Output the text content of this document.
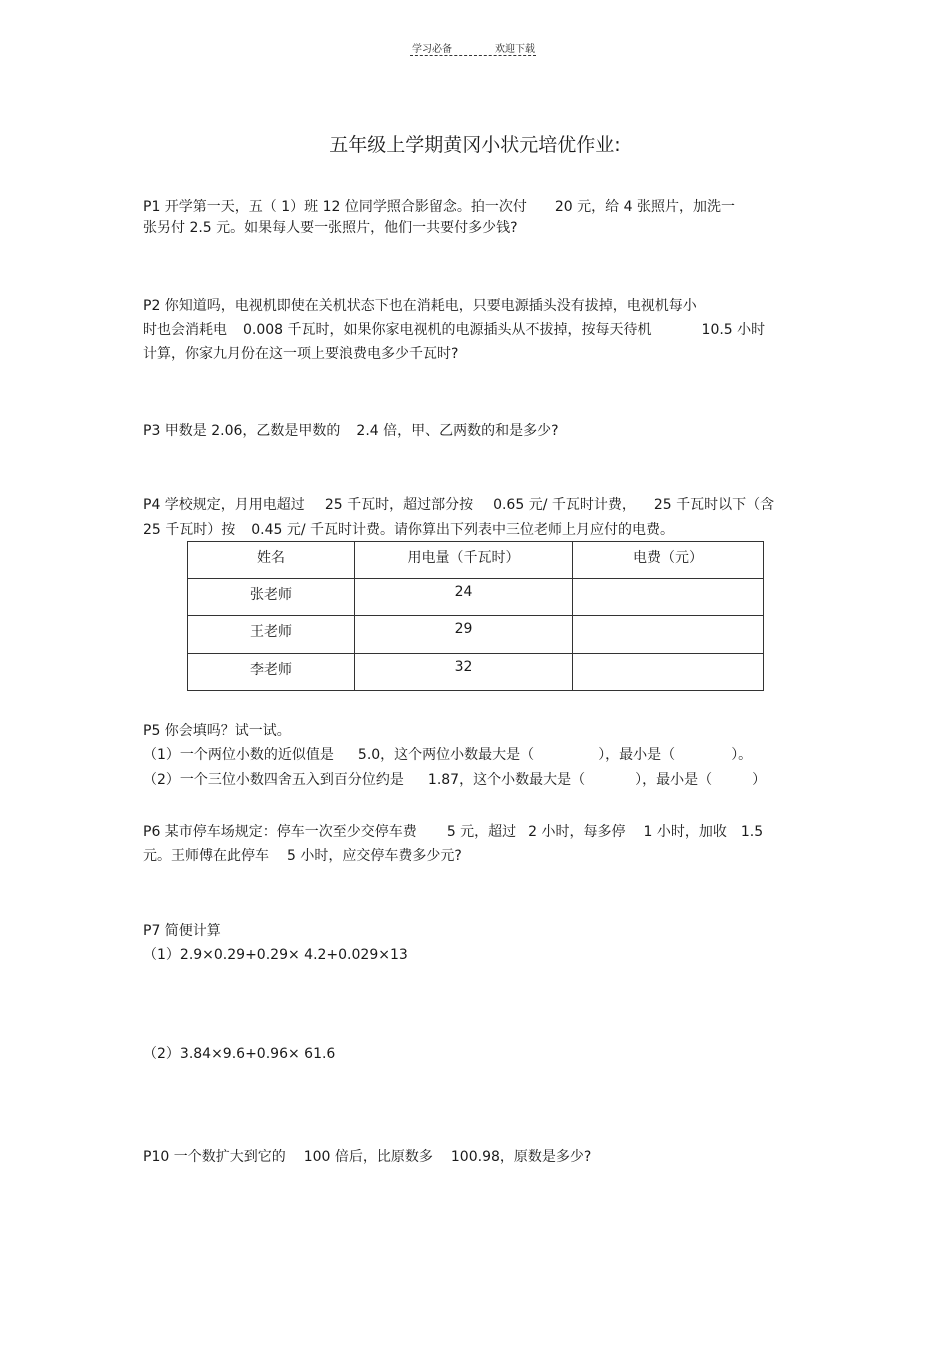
学习必备	欢迎下载
五年级上学期黄冈小状元培优作业:
P1 开学第一天，五（ 1）班 12 位同学照合影留念。拍一次付 20 元，给 4 张照片，加洗一
张另付 2.5 元。如果每人要一张照片，他们一共要付多少钱?
P2 你知道吗，电视机即使在关机状态下也在消耗电，只要电源插头没有拔掉，电视机每小
时也会消耗电 0.008 千瓦时，如果你家电视机的电源插头从不拔掉，按每天待机	10.5 小时
计算，你家九月份在这一项上要浪费电多少千瓦时?
P3 甲数是 2.06，乙数是甲数的 2.4 倍，甲、乙两数的和是多少?
P4 学校规定，月用电超过 25 千瓦时，超过部分按 0.65 元/ 千瓦时计费， 25 千瓦时以下（含
25 千瓦时）按 0.45 元/ 千瓦时计费。请你算出下列表中三位老师上月应付的电费。
姓名	用电量（千瓦时）	电费（元）
张老师	24	
王老师	29	
李老师	32	
P5 你会填吗？试一试。
（1）一个两位小数的近似值是 5.0，这个两位小数最大是（	），最小是（	）。
（2）一个三位小数四舍五入到百分位约是 1.87，这个小数最大是（	），最小是（	）
P6 某市停车场规定：停车一次至少交停车费 5 元，超过 2 小时，每多停 1 小时，加收 1.5
元。王师傅在此停车 5 小时，应交停车费多少元?
P7 简便计算
（1）2.9×0.29+0.29× 4.2+0.029×13
（2）3.84×9.6+0.96× 61.6
P10 一个数扩大到它的 100 倍后，比原数多 100.98，原数是多少?
